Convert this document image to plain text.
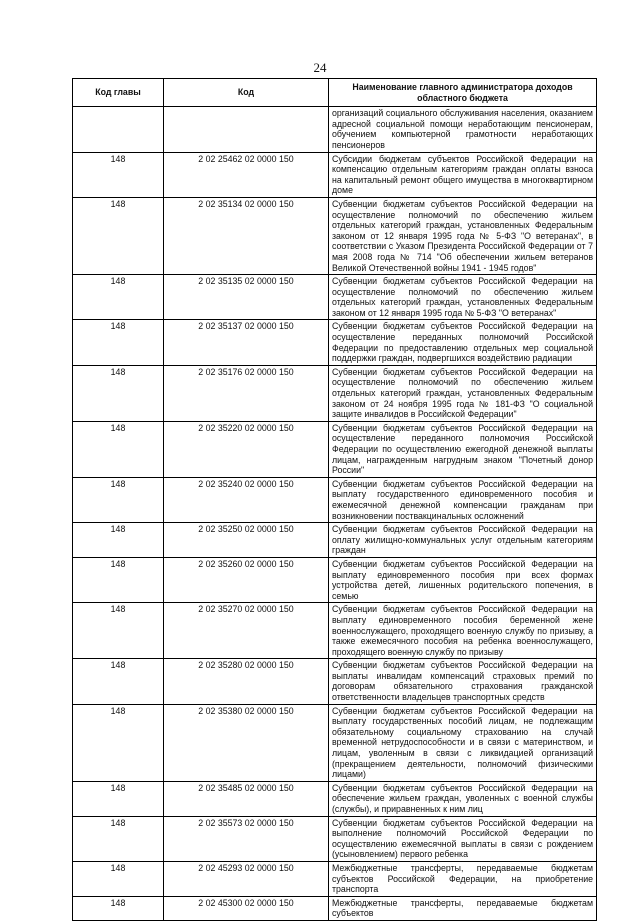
24
Код главы	Код	Наименование главного администратора доходов областного бюджета
		организаций социального обслуживания населения, оказанием адресной социальной помощи неработающим пенсионерам, обучением компьютерной грамотности неработающих пенсионеров
148	2 02 25462 02 0000 150	Субсидии бюджетам субъектов Российской Федерации на компенсацию отдельным категориям граждан оплаты взноса на капитальный ремонт общего имущества в многоквартирном доме
148	2 02 35134 02 0000 150	Субвенции бюджетам субъектов Российской Федерации на осуществление полномочий по обеспечению жильем отдельных категорий граждан, установленных Федеральным законом от 12 января 1995 года № 5-ФЗ "О ветеранах", в соответствии с Указом Президента Российской Федерации от 7 мая 2008 года № 714 "Об обеспечении жильем ветеранов Великой Отечественной войны 1941 - 1945 годов"
148	2 02 35135 02 0000 150	Субвенции бюджетам субъектов Российской Федерации на осуществление полномочий по обеспечению жильем отдельных категорий граждан, установленных Федеральным законом от 12 января 1995 года № 5-ФЗ "О ветеранах"
148	2 02 35137 02 0000 150	Субвенции бюджетам субъектов Российской Федерации на осуществление переданных полномочий Российской Федерации по предоставлению отдельных мер социальной поддержки граждан, подвергшихся воздействию радиации
148	2 02 35176 02 0000 150	Субвенции бюджетам субъектов Российской Федерации на осуществление полномочий по обеспечению жильем отдельных категорий граждан, установленных Федеральным законом от 24 ноября 1995 года № 181-ФЗ "О социальной защите инвалидов в Российской Федерации"
148	2 02 35220 02 0000 150	Субвенции бюджетам субъектов Российской Федерации на осуществление переданного полномочия Российской Федерации по осуществлению ежегодной денежной выплаты лицам, награжденным нагрудным знаком "Почетный донор России"
148	2 02 35240 02 0000 150	Субвенции бюджетам субъектов Российской Федерации на выплату государственного единовременного пособия и ежемесячной денежной компенсации гражданам при возникновении поствакцинальных осложнений
148	2 02 35250 02 0000 150	Субвенции бюджетам субъектов Российской Федерации на оплату жилищно-коммунальных услуг отдельным категориям граждан
148	2 02 35260 02 0000 150	Субвенции бюджетам субъектов Российской Федерации на выплату единовременного пособия при всех формах устройства детей, лишенных родительского попечения, в семью
148	2 02 35270 02 0000 150	Субвенции бюджетам субъектов Российской Федерации на выплату единовременного пособия беременной жене военнослужащего, проходящего военную службу по призыву, а также ежемесячного пособия на ребенка военнослужащего, проходящего военную службу по призыву
148	2 02 35280 02 0000 150	Субвенции бюджетам субъектов Российской Федерации на выплаты инвалидам компенсаций страховых премий по договорам обязательного страхования гражданской ответственности владельцев транспортных средств
148	2 02 35380 02 0000 150	Субвенции бюджетам субъектов Российской Федерации на выплату государственных пособий лицам, не подлежащим обязательному социальному страхованию на случай временной нетрудоспособности и в связи с материнством, и лицам, уволенным в связи с ликвидацией организаций (прекращением деятельности, полномочий физическими лицами)
148	2 02 35485 02 0000 150	Субвенции бюджетам субъектов Российской Федерации на обеспечение жильем граждан, уволенных с военной службы (службы), и приравненных к ним лиц
148	2 02 35573 02 0000 150	Субвенции бюджетам субъектов Российской Федерации на выполнение полномочий Российской Федерации по осуществлению ежемесячной выплаты в связи с рождением (усыновлением) первого ребенка
148	2 02 45293 02 0000 150	Межбюджетные трансферты, передаваемые бюджетам субъектов Российской Федерации, на приобретение транспорта
148	2 02 45300 02 0000 150	Межбюджетные трансферты, передаваемые бюджетам субъектов
